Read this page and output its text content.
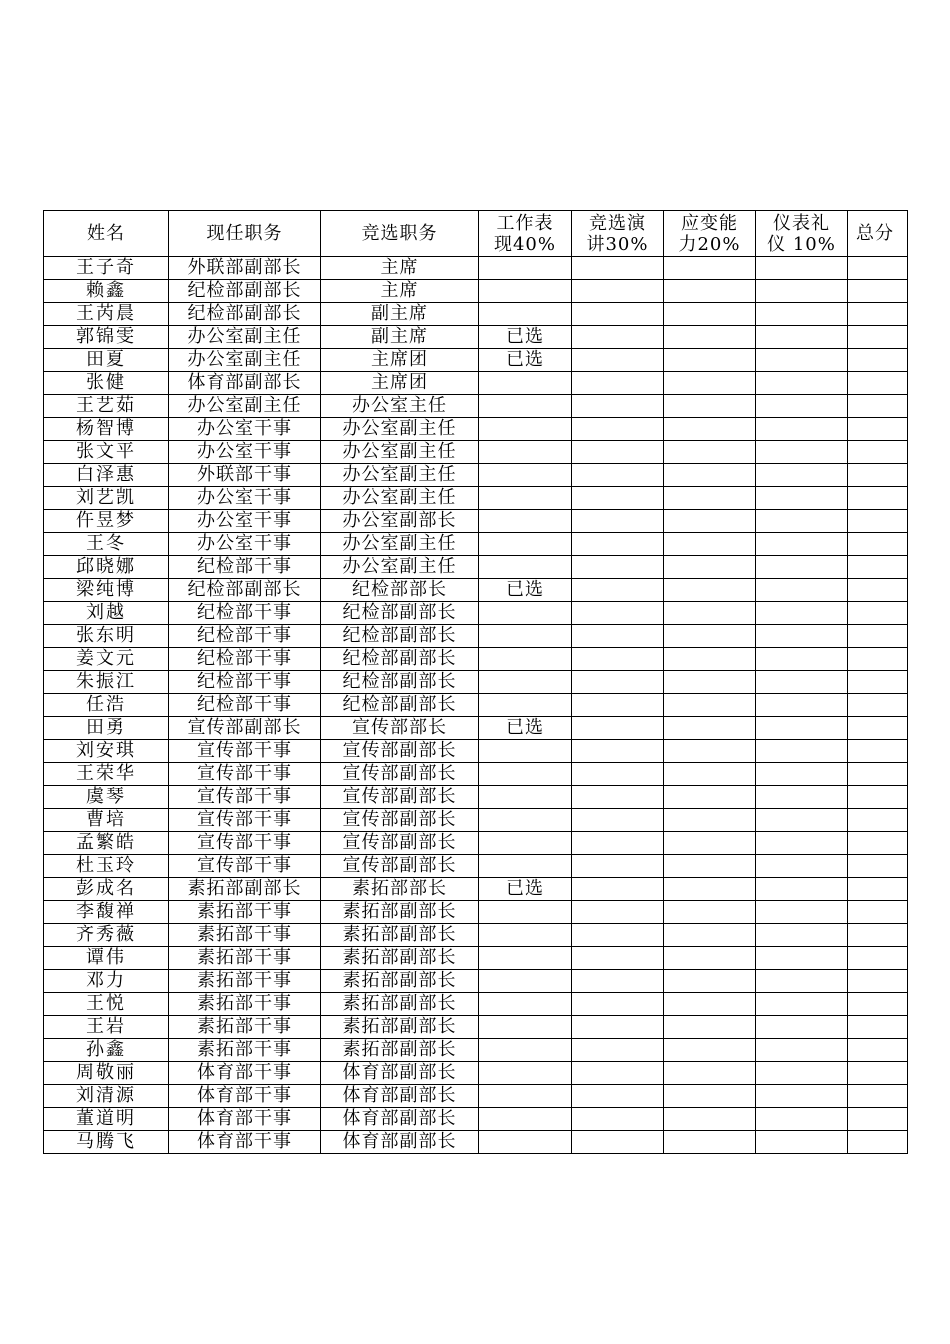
姓名	现任职务	竞选职务	工作表现40%	竞选演讲30%	应变能力20%	仪表礼仪 10%	总分
王子奇	外联部副部长	主席					
赖鑫	纪检部副部长	主席					
王芮晨	纪检部副部长	副主席					
郭锦雯	办公室副主任	副主席	已选				
田夏	办公室副主任	主席团	已选				
张健	体育部副部长	主席团					
王艺茹	办公室副主任	办公室主任					
杨智博	办公室干事	办公室副主任					
张文平	办公室干事	办公室副主任					
白泽惠	外联部干事	办公室副主任					
刘艺凯	办公室干事	办公室副主任					
仵昱梦	办公室干事	办公室副部长					
王冬	办公室干事	办公室副主任					
邱晓娜	纪检部干事	办公室副主任					
梁纯博	纪检部副部长	纪检部部长	已选				
刘越	纪检部干事	纪检部副部长					
张东明	纪检部干事	纪检部副部长					
姜文元	纪检部干事	纪检部副部长					
朱振江	纪检部干事	纪检部副部长					
任浩	纪检部干事	纪检部副部长					
田勇	宣传部副部长	宣传部部长	已选				
刘安琪	宣传部干事	宣传部副部长					
王荣华	宣传部干事	宣传部副部长					
虞琴	宣传部干事	宣传部副部长					
曹培	宣传部干事	宣传部副部长					
孟繁皓	宣传部干事	宣传部副部长					
杜玉玲	宣传部干事	宣传部副部长					
彭成名	素拓部副部长	素拓部部长	已选				
李馥禅	素拓部干事	素拓部副部长					
齐秀薇	素拓部干事	素拓部副部长					
谭伟	素拓部干事	素拓部副部长					
邓力	素拓部干事	素拓部副部长					
王悦	素拓部干事	素拓部副部长					
王岩	素拓部干事	素拓部副部长					
孙鑫	素拓部干事	素拓部副部长					
周敬丽	体育部干事	体育部副部长					
刘清源	体育部干事	体育部副部长					
董道明	体育部干事	体育部副部长					
马腾飞	体育部干事	体育部副部长					
